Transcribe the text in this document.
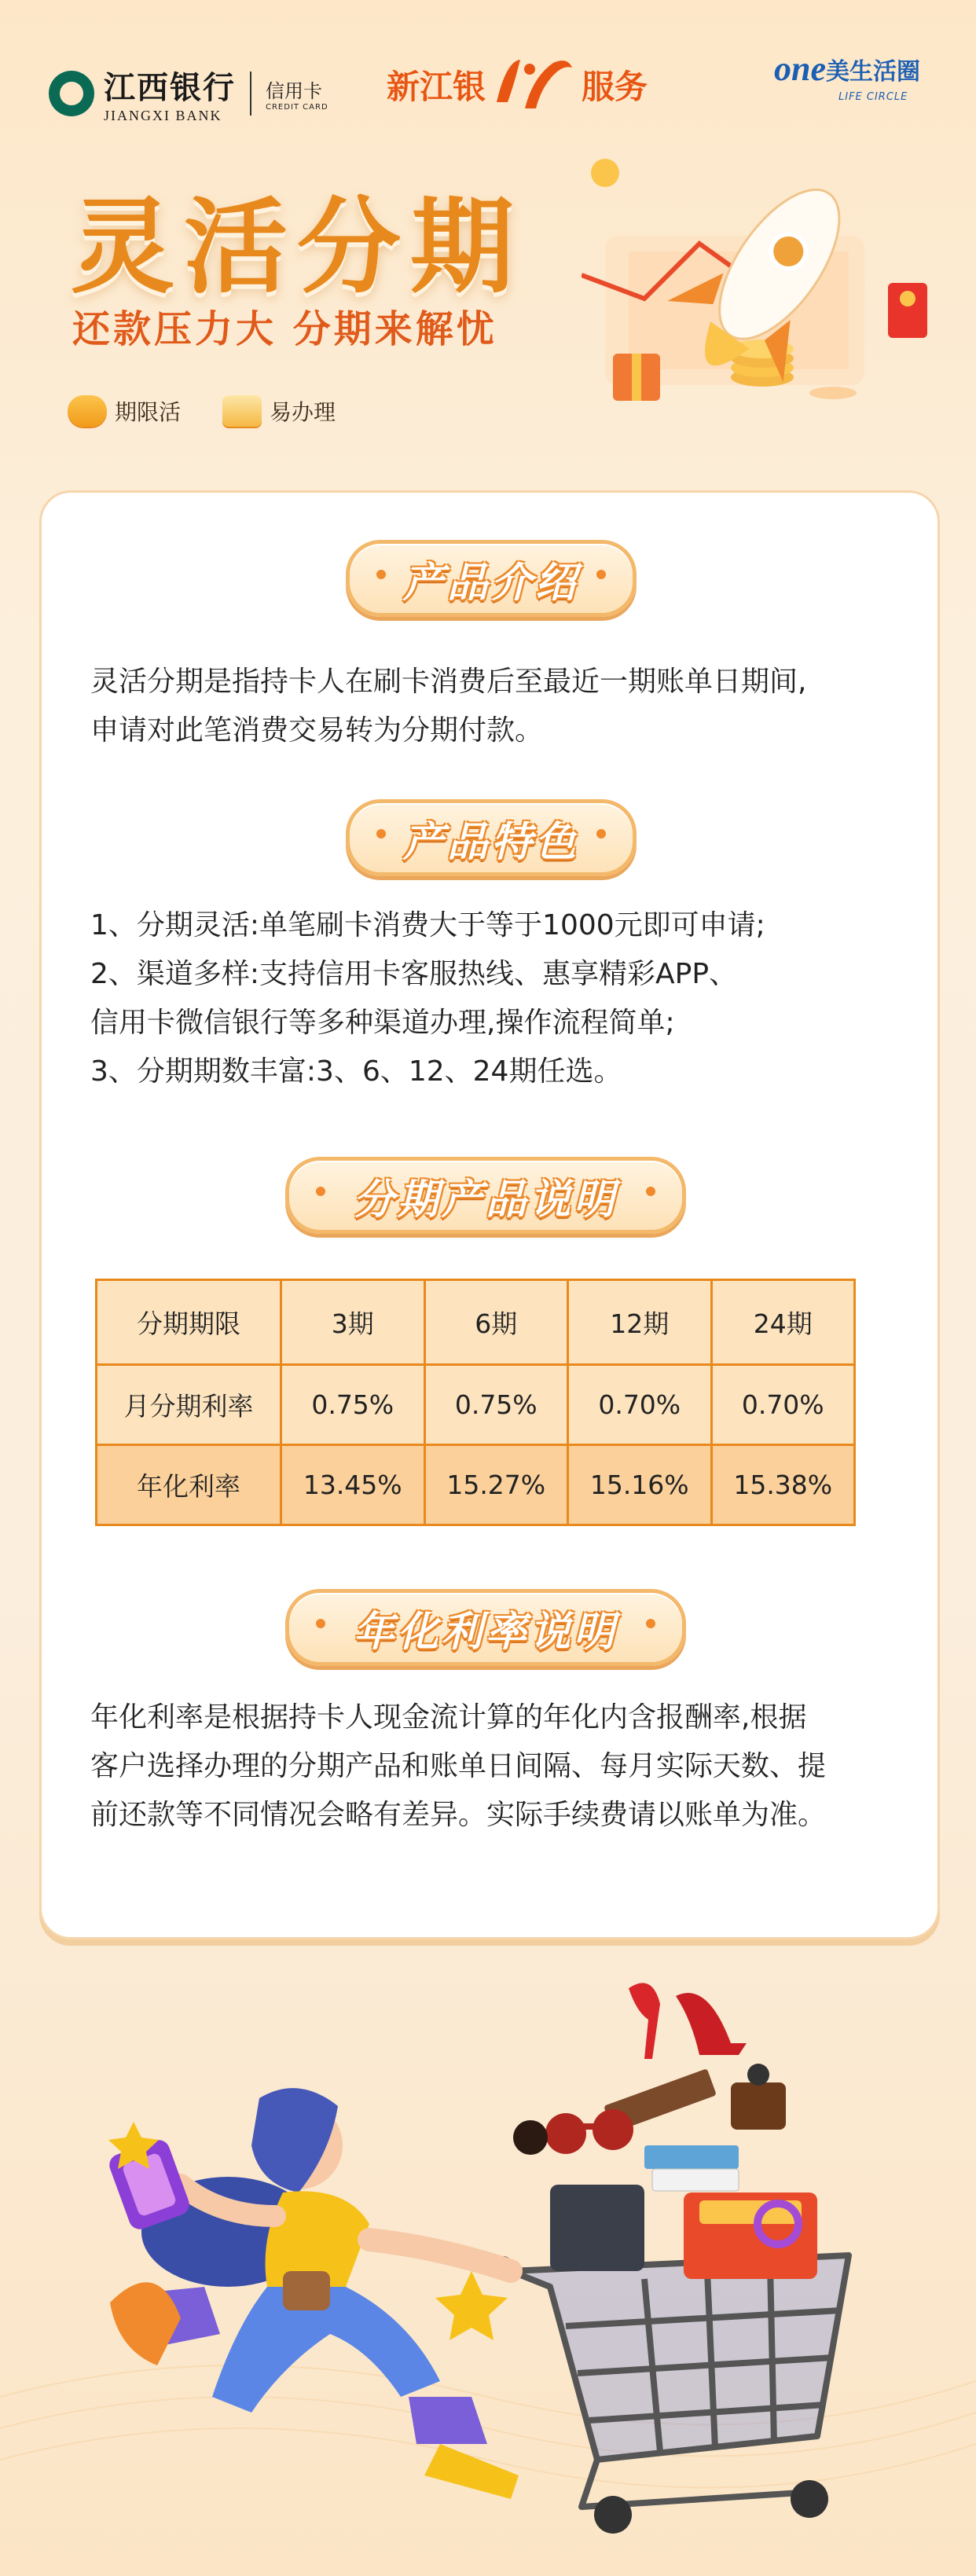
江西银行
JIANGXI BANK
信用卡
CREDIT CARD
新江银	服务	one 美生活圈
LIFE CIRCLE
灵活分期
还款压力大 分期来解忧
期限活	易办理
产品介绍
灵活分期是指持卡人在刷卡消费后至最近一期账单日期间,
申请对此笔消费交易转为分期付款。
产品特色
1、分期灵活:单笔刷卡消费大于等于1000元即可申请;
2、渠道多样:支持信用卡客服热线、惠享精彩APP、
信用卡微信银行等多种渠道办理,操作流程简单;
3、分期期数丰富:3、6、12、24期任选。
分期产品说明
分期期限	3期	6期	12期	24期
月分期利率	0.75%	0.75%	0.70%	0.70%
年化利率	13.45%	15.27%	15.16%	15.38%
年化利率说明
年化利率是根据持卡人现金流计算的年化内含报酬率,根据
客户选择办理的分期产品和账单日间隔、每月实际天数、提
前还款等不同情况会略有差异。实际手续费请以账单为准。
